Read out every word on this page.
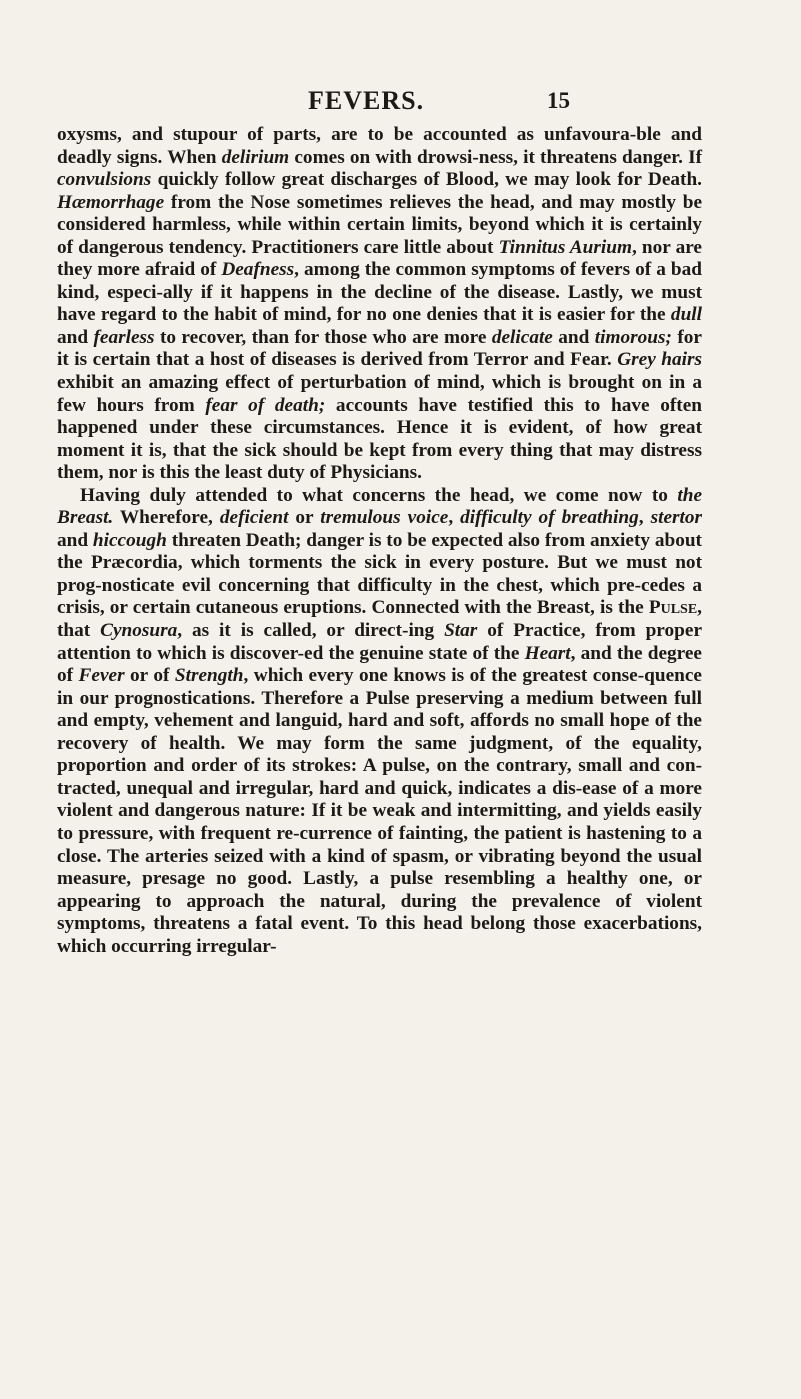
FEVERS.	15

oxysms, and stupour of parts, are to be accounted as unfavoura-ble and deadly signs. When delirium comes on with drowsi-ness, it threatens danger. If convulsions quickly follow great discharges of Blood, we may look for Death. Hæmorrhage from the Nose sometimes relieves the head, and may mostly be considered harmless, while within certain limits, beyond which it is certainly of dangerous tendency. Practitioners care little about Tinnitus Aurium, nor are they more afraid of Deafness, among the common symptoms of fevers of a bad kind, especi-ally if it happens in the decline of the disease. Lastly, we must have regard to the habit of mind, for no one denies that it is easier for the dull and fearless to recover, than for those who are more delicate and timorous; for it is certain that a host of diseases is derived from Terror and Fear. Grey hairs exhibit an amazing effect of perturbation of mind, which is brought on in a few hours from fear of death; accounts have testified this to have often happened under these circumstances. Hence it is evident, of how great moment it is, that the sick should be kept from every thing that may distress them, nor is this the least duty of Physicians.

Having duly attended to what concerns the head, we come now to the Breast. Wherefore, deficient or tremulous voice, difficulty of breathing, stertor and hiccough threaten Death; danger is to be expected also from anxiety about the Præcordia, which torments the sick in every posture. But we must not prog-nosticate evil concerning that difficulty in the chest, which pre-cedes a crisis, or certain cutaneous eruptions. Connected with the Breast, is the Pulse, that Cynosura, as it is called, or direct-ing Star of Practice, from proper attention to which is discover-ed the genuine state of the Heart, and the degree of Fever or of Strength, which every one knows is of the greatest conse-quence in our prognostications. Therefore a Pulse preserving a medium between full and empty, vehement and languid, hard and soft, affords no small hope of the recovery of health. We may form the same judgment, of the equality, proportion and order of its strokes: A pulse, on the contrary, small and con-tracted, unequal and irregular, hard and quick, indicates a dis-ease of a more violent and dangerous nature: If it be weak and intermitting, and yields easily to pressure, with frequent re-currence of fainting, the patient is hastening to a close. The arteries seized with a kind of spasm, or vibrating beyond the usual measure, presage no good. Lastly, a pulse resembling a healthy one, or appearing to approach the natural, during the prevalence of violent symptoms, threatens a fatal event. To this head belong those exacerbations, which occurring irregular-
